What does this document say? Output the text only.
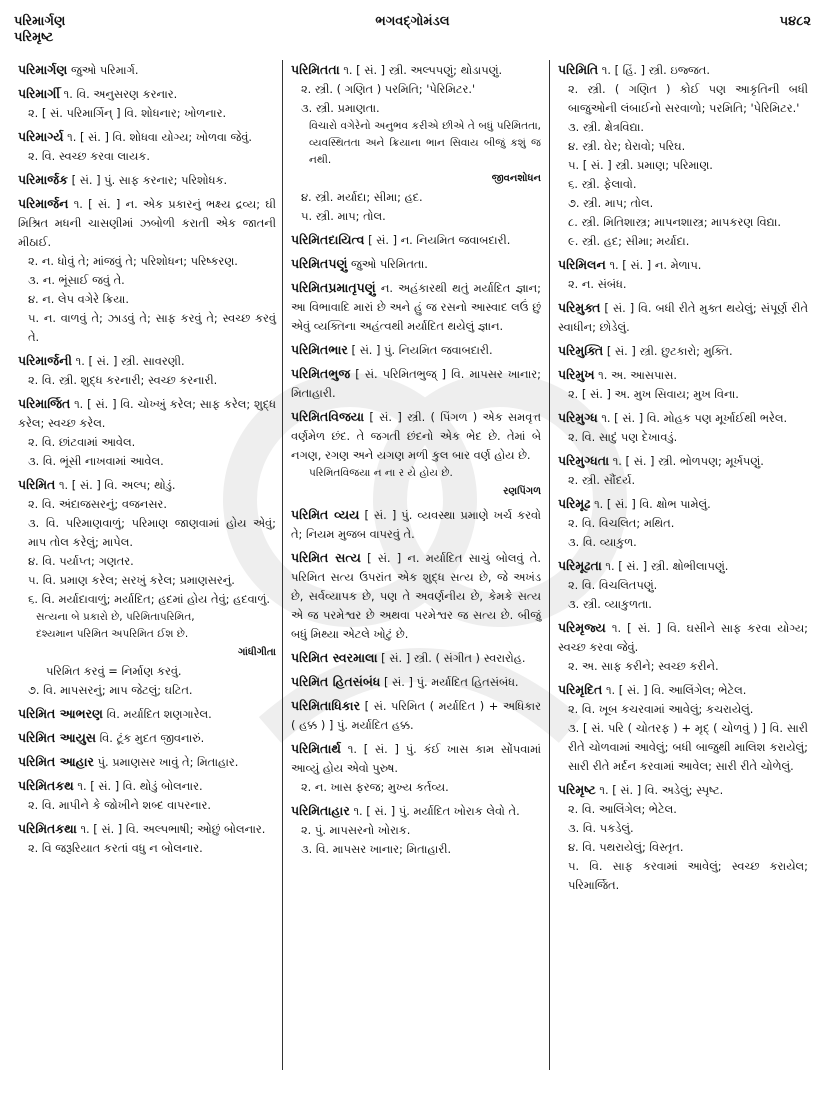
પરિમાર્ગણ
પરિમૃષ્ટ
ભગવદ્ગોમંડલ	૫૪૮૨
પરિમાર્ગણ જુઓ પરિમાર્ગ.
પરિમાર્ગી ૧. વિ. અનુસરણ કરનાર.
૨. [ સં. પરિમાર્ગિન્ ] વિ. શોધનાર; ખોળનાર.
પરિમાર્ગ્ય ૧. [ સં. ] વિ. શોધવા યોગ્ય; ખોળવા જેવું.
૨. વિ. સ્વચ્છ કરવા લાયક.
પરિમાર્જક [ સં. ] પું. સાફ કરનાર; પરિશોધક.
પરિમાર્જન ૧. [ સં. ] ન. એક પ્રકારનું ભક્ષ્ય દ્રવ્ય; ઘી મિશ્રિત મધની ચાસણીમાં ઝબોળી કરાતી એક જાતની મીઠાઈ.
૨. ન. ધોવું તે; માંજવું તે; પરિશોધન; પરિષ્કરણ.
૩. ન. ભૂંસાઈ જવું તે.
૪. ન. લેપ વગેરે ક્રિયા.
૫. ન. વાળવું તે; ઝાડવું તે; સાફ કરવું તે; સ્વચ્છ કરવું તે.
પરિમાર્જની ૧. [ સં. ] સ્ત્રી. સાવરણી.
૨. વિ. સ્ત્રી. શુદ્ધ કરનારી; સ્વચ્છ કરનારી.
પરિમાર્જિત ૧. [ સં. ] વિ. ચોખ્ખું કરેલ; સાફ કરેલ; શુદ્ધ કરેલ; સ્વચ્છ કરેલ.
૨. વિ. છાંટવામાં આવેલ.
૩. વિ. ભૂંસી નાખવામાં આવેલ.
પરિમિત ૧. [ સં. ] વિ. અલ્પ; થોડું.
૨. વિ. અંદાજસરનું; વજનસર.
૩. વિ. પરિમાણવાળું; પરિમાણ જાણવામાં હોય એવું; માપ તોલ કરેલું; માપેલ.
૪. વિ. પર્યાપ્ત; ગણતર.
૫. વિ. પ્રમાણ કરેલ; સરખું કરેલ; પ્રમાણસરનું.
૬. વિ. મર્યાદાવાળું; મર્યાદિત; હદમાં હોય તેવું; હદવાળું.
સત્યના બે પ્રકારો છે, પરિમિતાપરિમિત,
દશ્યમાન પરિમિત અપરિમિત ઈશ છે.
ગાંધીગીતા
પરિમિત કરવું = નિર્માણ કરવું.
૭. વિ. માપસરનું; માપ જેટલું; ઘટિત.
પરિમિત આભરણ વિ. મર્યાદિત શણગારેલ.
પરિમિત આયુસ વિ. ટૂંક મુદત જીવનારું.
પરિમિત આહાર પું. પ્રમાણસર ખાવું તે; મિતાહાર.
પરિમિતકથ ૧. [ સં. ] વિ. થોડું બોલનાર.
૨. વિ. માપીને કે જોખીને શબ્દ વાપરનાર.
પરિમિતકથા ૧. [ સં. ] વિ. અલ્પભાષી; ઓછું બોલનાર.
૨. વિ જરૂરિયાત કરતાં વધુ ન બોલનાર.
પરિમિતતા ૧. [ સં. ] સ્ત્રી. અલ્પપણું; થોડાપણું.
૨. સ્ત્રી. ( ગણિત ) પરમિતિ; 'પેરિમિટર.'
૩. સ્ત્રી. પ્રમાણતા.
વિચારો વગેરેનો અનુભવ કરીએ છીએ તે બધું પરિમિતતા, વ્યવસ્થિતતા અને ક્રિયાના ભાન સિવાય બીજું કશું જ નથી.
જીવનશોધન
૪. સ્ત્રી. મર્યાદા; સીમા; હદ.
૫. સ્ત્રી. માપ; તોલ.
પરિમિતદાયિત્વ [ સં. ] ન. નિયમિત જવાબદારી.
પરિમિતપણું જુઓ પરિમિતતા.
પરિમિતપ્રમાતૃપણું ન. અહંકારથી થતું મર્યાદિત જ્ઞાન; આ વિભાવાદિ મારાં છે અને હું જ રસનો આસ્વાદ લઉં છું એવું વ્યક્તિના અહંત્વથી મર્યાદિત થયેલું જ્ઞાન.
પરિમિતભાર [ સં. ] પું. નિયમિત જવાબદારી.
પરિમિતભુજ [ સં. પરિમિતભુજ્ ] વિ. માપસર ખાનાર; મિતાહારી.
પરિમિતવિજયા [ સં. ] સ્ત્રી. ( પિંગળ ) એક સમવૃત્ત વર્ણમેળ છંદ. તે જગતી છંદનો એક ભેદ છે. તેમાં બે નગણ, રગણ અને યગણ મળી કુલ બાર વર્ણ હોય છે.
પરિમિતવિજયા ન ના ર યે હોય છે.
રણપિંગળ
પરિમિત વ્યય [ સં. ] પું. વ્યવસ્થા પ્રમાણે ખર્ચ કરવો તે; નિયમ મુજબ વાપરવું તે.
પરિમિત સત્ય [ સં. ] ન. મર્યાદિત સાચું બોલવું તે. પરિમિત સત્ય ઉપરાંત એક શુદ્ધ સત્ય છે, જે અખંડ છે, સર્વવ્યાપક છે, પણ તે અવર્ણનીય છે, કેમકે સત્ય એ જ પરમેશ્વર છે અથવા પરમેશ્વર જ સત્ય છે. બીજું બધું મિથ્યા એટલે ખોટું છે.
પરિમિત સ્વરમાલા [ સં. ] સ્ત્રી. ( સંગીત ) સ્વરારોહ.
પરિમિત હિતસંબંધ [ સં. ] પું. મર્યાદિત હિતસંબંધ.
પરિમિતાધિકાર [ સં. પરિમિત ( મર્યાદિત ) + અધિકાર ( હક્ક ) ] પું. મર્યાદિત હક્ક.
પરિમિતાર્થ ૧. [ સં. ] પું. કંઈ ખાસ કામ સોંપવામાં આવ્યું હોય એવો પુરુષ.
૨. ન. ખાસ ફરજ; મુખ્ય કર્તવ્ય.
પરિમિતાહાર ૧. [ સં. ] પું. મર્યાદિત ખોરાક લેવો તે.
૨. પું. માપસરનો ખોરાક.
૩. વિ. માપસર ખાનાર; મિતાહારી.
પરિમિતિ ૧. [ હિં. ] સ્ત્રી. ઇજ્જત.
૨. સ્ત્રી. ( ગણિત ) કોઈ પણ આકૃતિની બધી બાજુઓની લંબાઈનો સરવાળો; પરમિતિ; 'પેરિમિટર.'
૩. સ્ત્રી. ક્ષેત્રવિદ્યા.
૪. સ્ત્રી. ઘેર; ઘેરાવો; પરિઘ.
૫. [ સં. ] સ્ત્રી. પ્રમાણ; પરિમાણ.
૬. સ્ત્રી. ફેલાવો.
૭. સ્ત્રી. માપ; તોલ.
૮. સ્ત્રી. મિતિશાસ્ત્ર; માપનશાસ્ત્ર; માપકરણ વિદ્યા.
૯. સ્ત્રી. હદ; સીમા; મર્યાદા.
પરિમિલન ૧. [ સં. ] ન. મેળાપ.
૨. ન. સંબંધ.
પરિમુક્ત [ સં. ] વિ. બધી રીતે મુક્ત થયેલું; સંપૂર્ણ રીતે સ્વાધીન; છોડેલું.
પરિમુક્તિ [ સં. ] સ્ત્રી. છુટકારો; મુક્તિ.
પરિમુખ ૧. અ. આસપાસ.
૨. [ સં. ] અ. મુખ સિવાય; મુખ વિના.
પરિમુગ્ધ ૧. [ સં. ] વિ. મોહક પણ મૂર્ખાઈથી ભરેલ.
૨. વિ. સાદું પણ દેખાવડું.
પરિમુગ્ધતા ૧. [ સં. ] સ્ત્રી. ભોળપણ; મૂર્ખપણું.
૨. સ્ત્રી. સૌંદર્ય.
પરિમૂઢ ૧. [ સં. ] વિ. ક્ષોભ પામેલું.
૨. વિ. વિચલિત; મથિત.
૩. વિ. વ્યાકુળ.
પરિમૂઢતા ૧. [ સં. ] સ્ત્રી. ક્ષોભીલાપણું.
૨. વિ. વિચલિતપણું.
૩. સ્ત્રી. વ્યાકુળતા.
પરિમૃજ્ય ૧. [ સં. ] વિ. ઘસીને સાફ કરવા યોગ્ય; સ્વચ્છ કરવા જેવું.
૨. અ. સાફ કરીને; સ્વચ્છ કરીને.
પરિમૃદિત ૧. [ સં. ] વિ. આલિંગેલ; ભેટેલ.
૨. વિ. ખૂબ કચરવામાં આવેલું; કચરાયેલું.
૩. [ સં. પરિ ( ચોતરફ ) + મૃદ્ ( ચોળવું ) ] વિ. સારી રીતે ચોળવામાં આવેલું; બધી બાજુથી માલિશ કરાયેલું; સારી રીતે મર્દન કરવામાં આવેલ; સારી રીતે ચોળેલું.
પરિમૃષ્ટ ૧. [ સં. ] વિ. અડેલું; સ્પૃષ્ટ.
૨. વિ. આલિંગેલ; ભેટેલ.
૩. વિ. પકડેલું.
૪. વિ. પથરાયેલું; વિસ્તૃત.
૫. વિ. સાફ કરવામાં આવેલું; સ્વચ્છ કરાયેલ; પરિમાર્જિત.
